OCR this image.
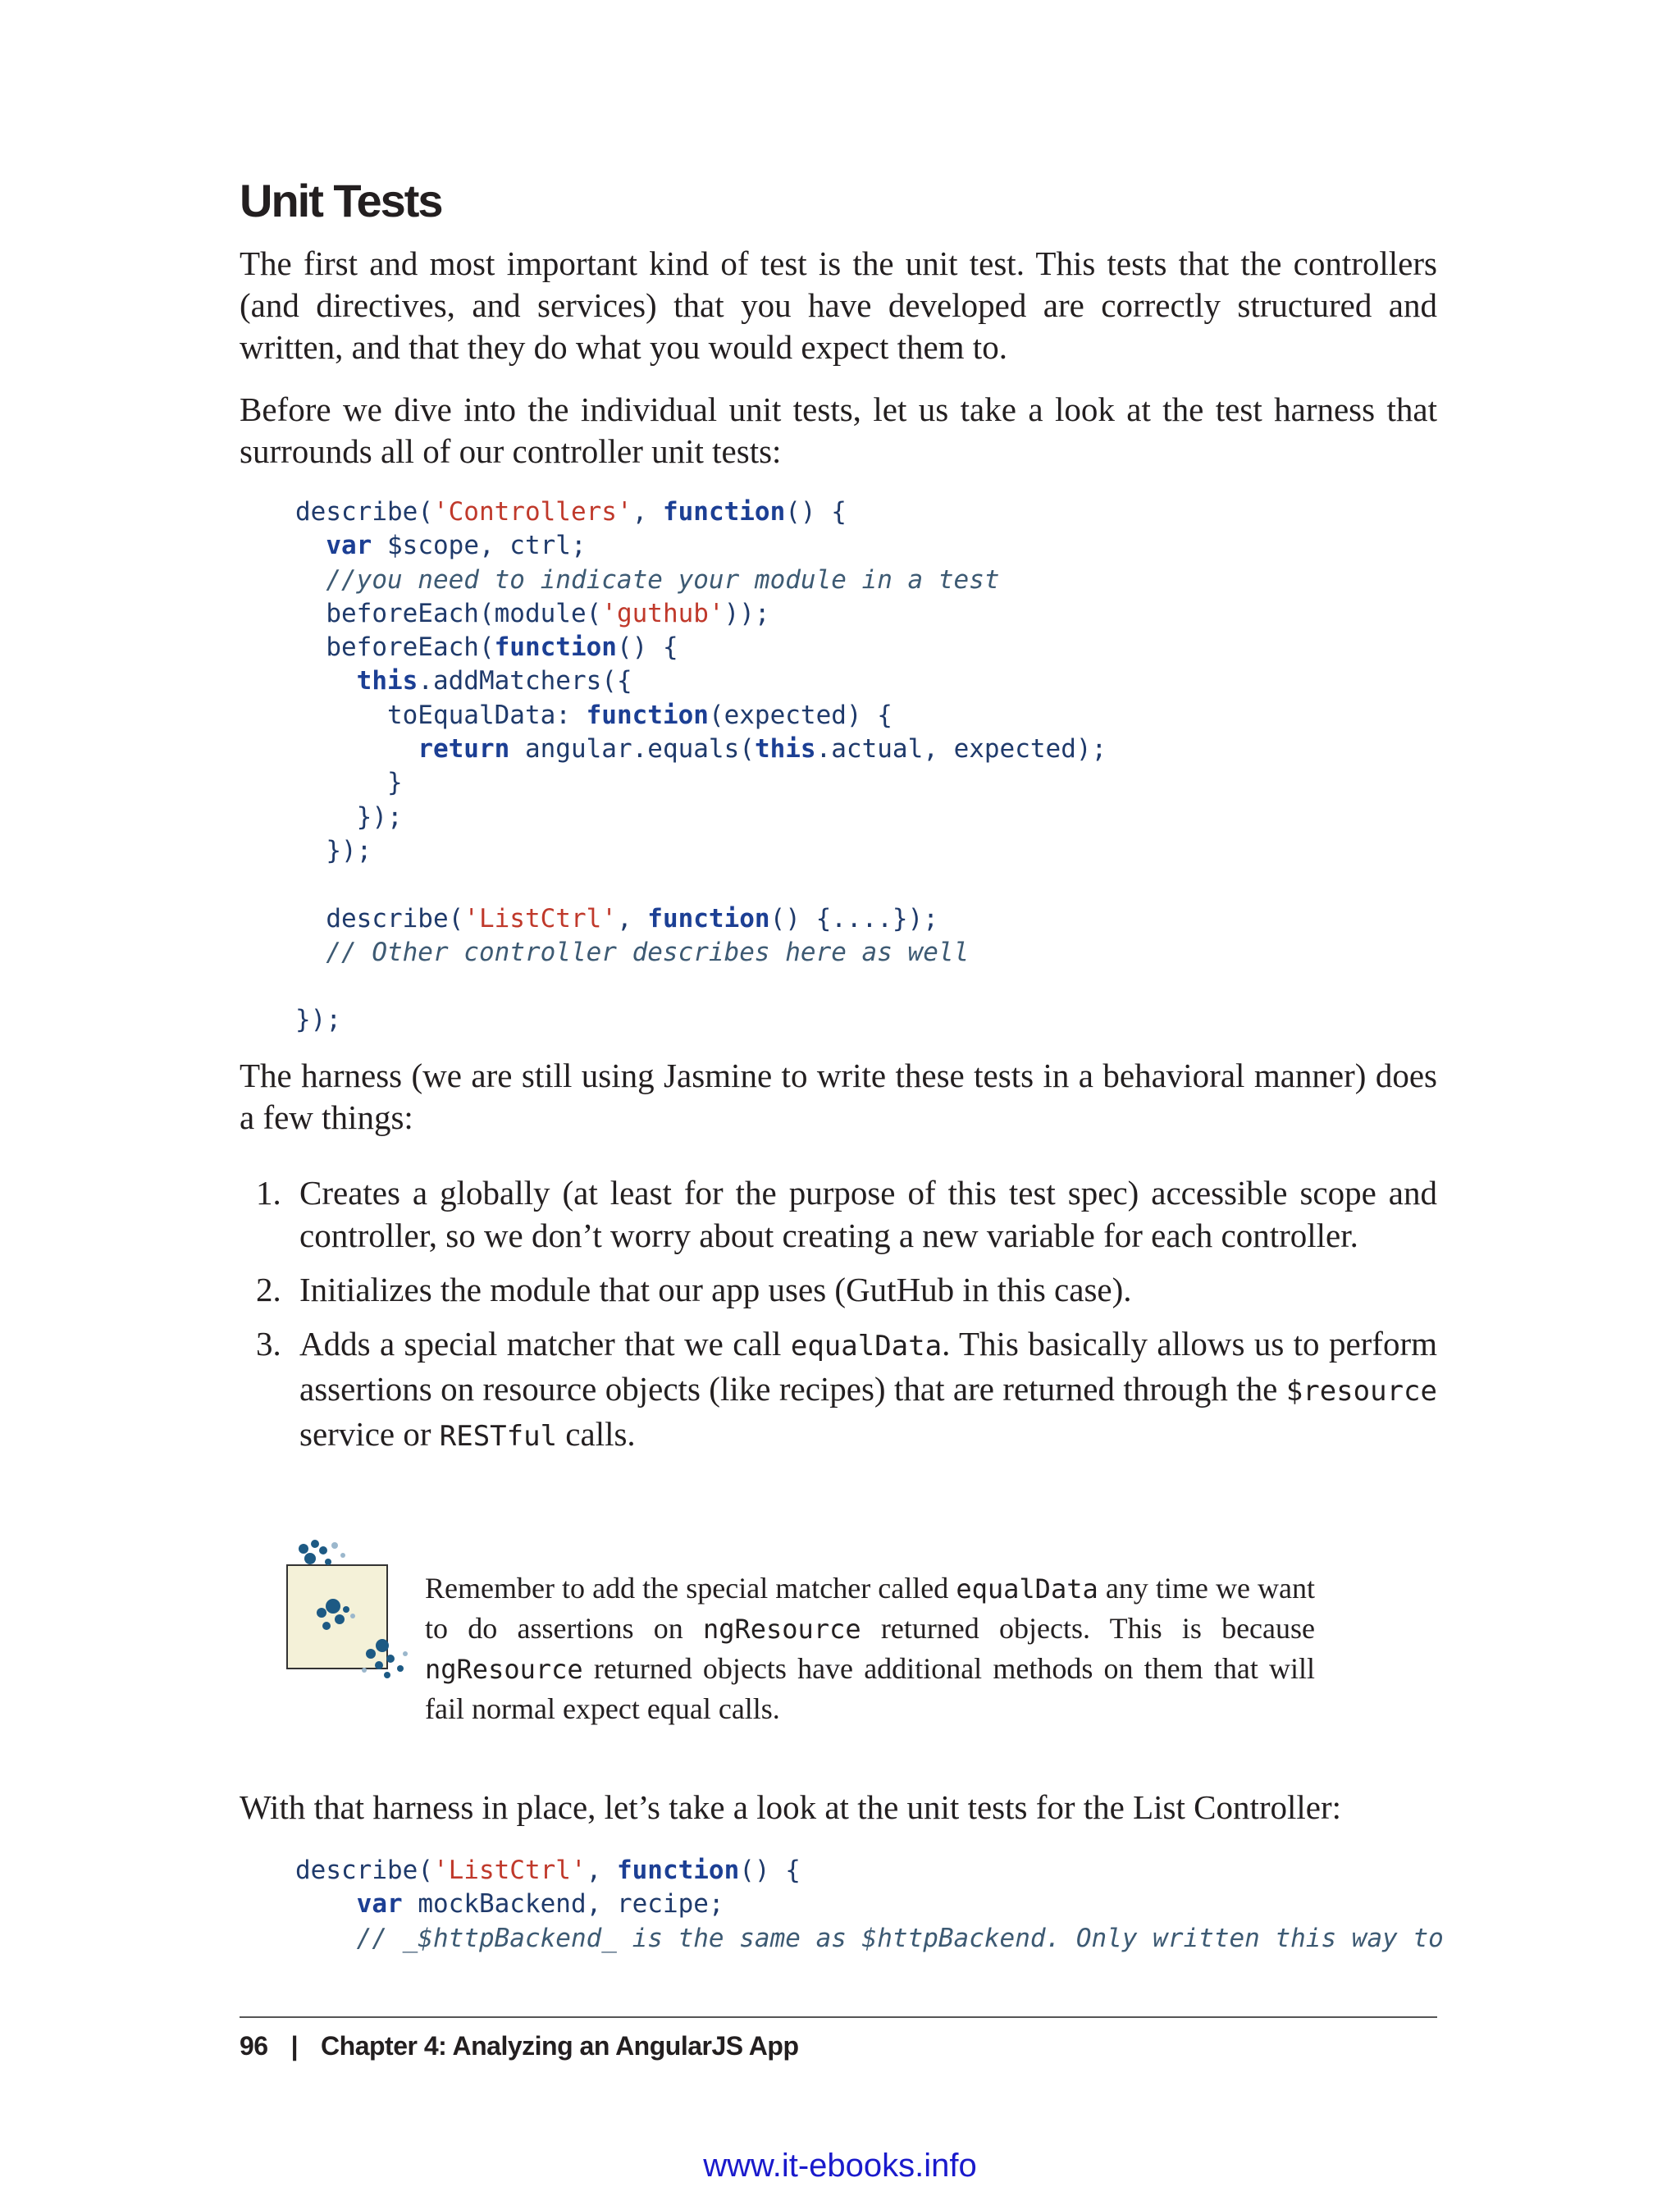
Unit Tests

The first and most important kind of test is the unit test. This tests that the controllers (and directives, and services) that you have developed are correctly structured and written, and that they do what you would expect them to.

Before we dive into the individual unit tests, let us take a look at the test harness that surrounds all of our controller unit tests:

describe('Controllers', function() {
var $scope, ctrl;
//you need to indicate your module in a test
beforeEach(module('guthub'));
beforeEach(function() {
this.addMatchers({
toEqualData: function(expected) {
return angular.equals(this.actual, expected);
}
});
});

describe('ListCtrl', function() {....});
// Other controller describes here as well

});

The harness (we are still using Jasmine to write these tests in a behavioral manner) does a few things:

1. Creates a globally (at least for the purpose of this test spec) accessible scope and controller, so we don’t worry about creating a new variable for each controller.
2. Initializes the module that our app uses (GutHub in this case).
3. Adds a special matcher that we call equalData. This basically allows us to perform assertions on resource objects (like recipes) that are returned through the $resource service or RESTful calls.

Remember to add the special matcher called equalData any time we want to do assertions on ngResource returned objects. This is because ngResource returned objects have additional methods on them that will fail normal expect equal calls.

With that harness in place, let’s take a look at the unit tests for the List Controller:

describe('ListCtrl', function() {
var mockBackend, recipe;
// _$httpBackend_ is the same as $httpBackend. Only written this way to

96 | Chapter 4: Analyzing an AngularJS App

www.it-ebooks.info
